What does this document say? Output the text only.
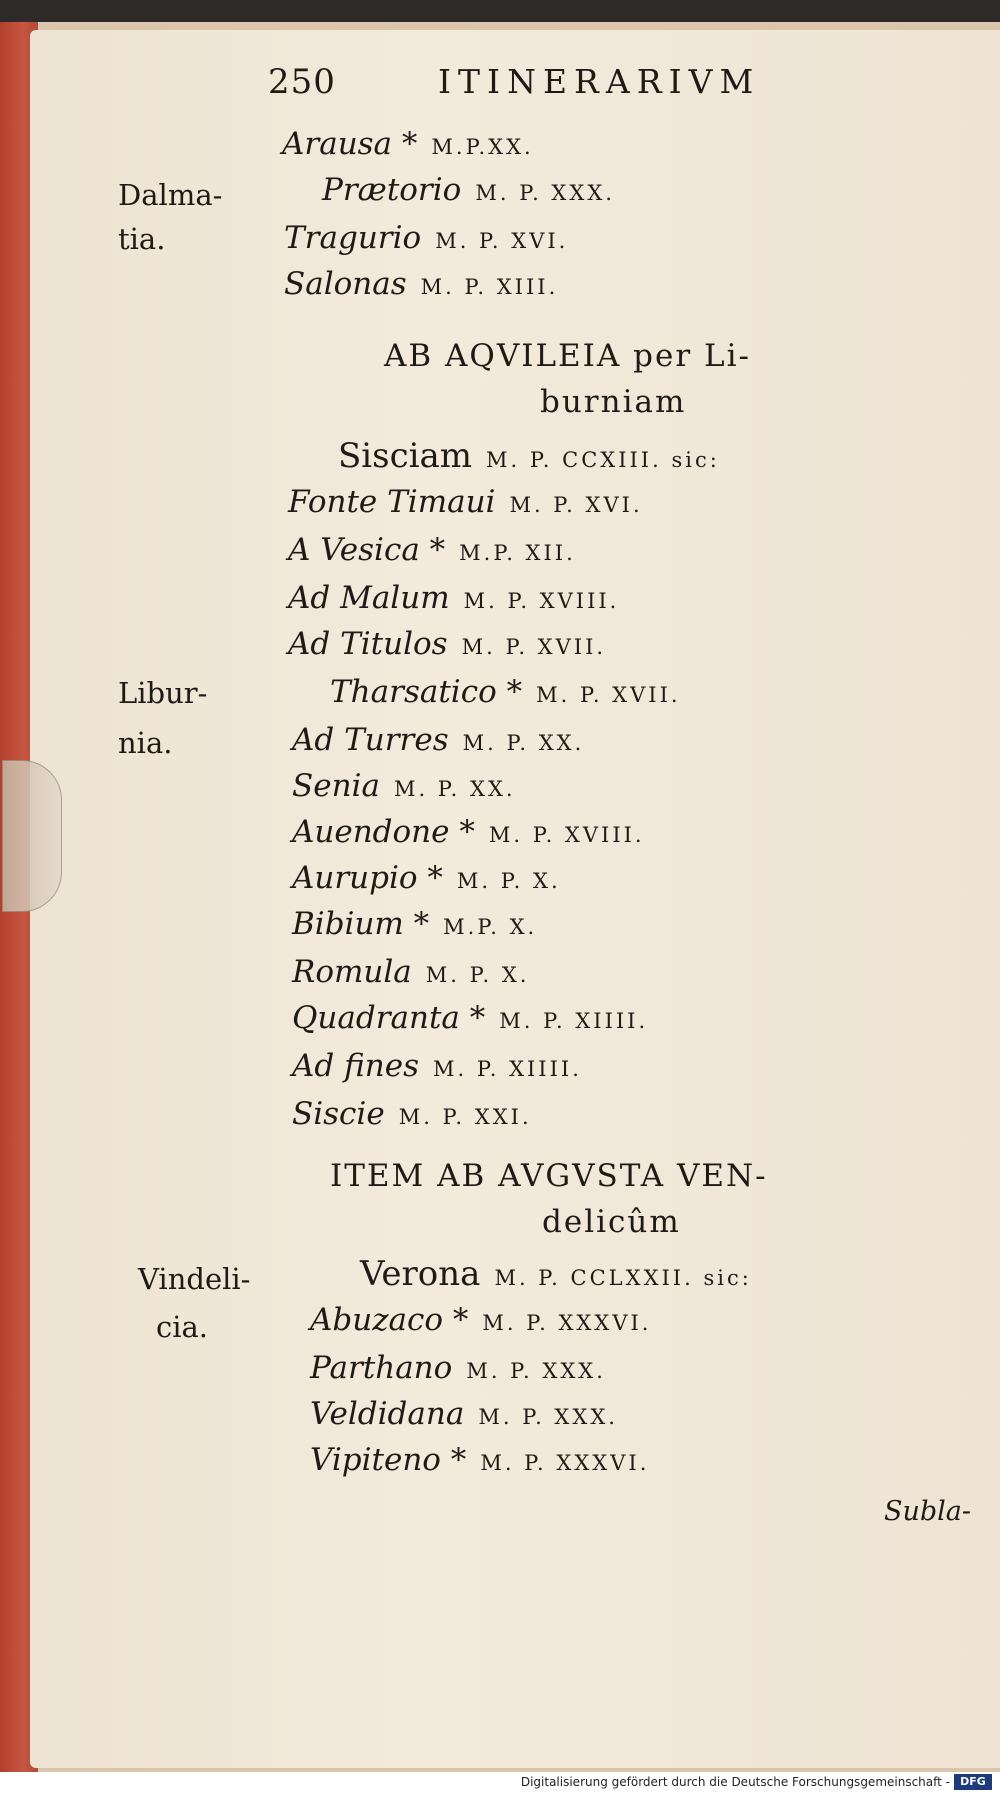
250	ITINERARIVM
Dalma-
tia.
Libur-
nia.
Vindeli-
cia.
Arausa * M.P.XX.
Prætorio M. P. XXX.
Tragurio M. P. XVI.
Salonas M. P. XIII.
AB AQVILEIA per Li-
burniam
Sisciam M. P. CCXIII. sic:
Fonte Timaui M. P. XVI.
A Vesica * M.P. XII.
Ad Malum M. P. XVIII.
Ad Titulos M. P. XVII.
Tharsatico * M. P. XVII.
Ad Turres M. P. XX.
Senia M. P. XX.
Auendone * M. P. XVIII.
Aurupio * M. P. X.
Bibium * M.P. X.
Romula M. P. X.
Quadranta * M. P. XIIII.
Ad fines M. P. XIIII.
Siscie M. P. XXI.
ITEM AB AVGVSTA VEN-
delicûm
Verona M. P. CCLXXII. sic:
Abuzaco * M. P. XXXVI.
Parthano M. P. XXX.
Veldidana M. P. XXX.
Vipiteno * M. P. XXXVI.
Subla-
Digitalisierung gefördert durch die Deutsche Forschungsgemeinschaft - DFG
